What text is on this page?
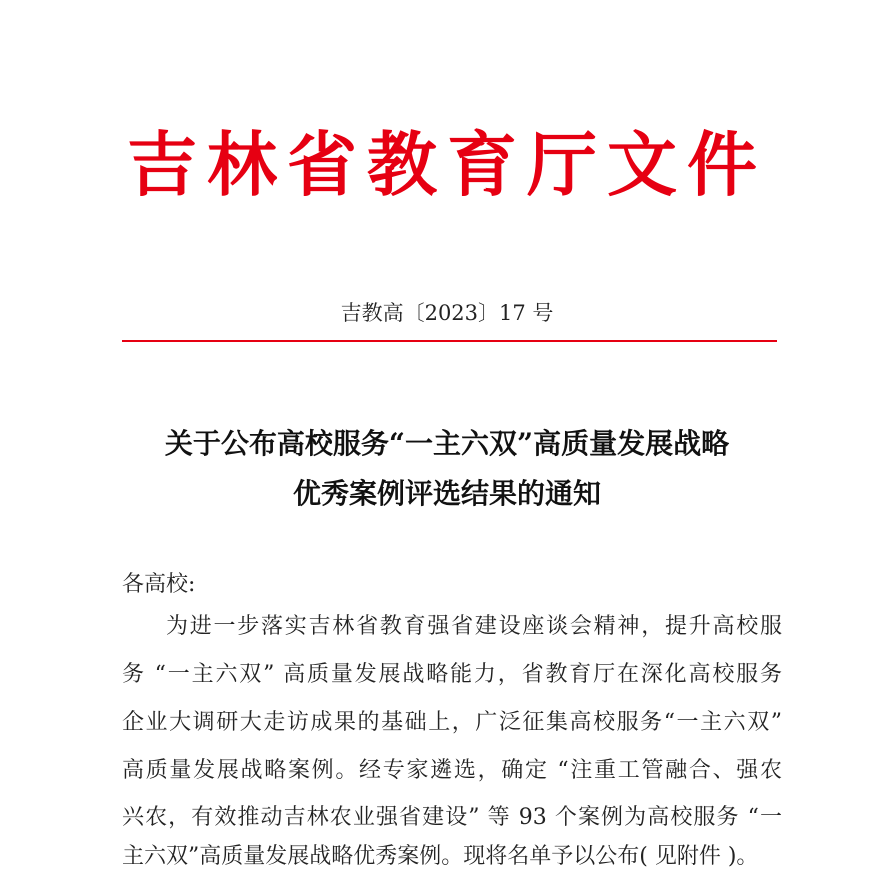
吉林省教育厅文件
吉教高〔2023〕17 号
关于公布高校服务“一主六双”高质量发展战略
优秀案例评选结果的通知
各高校:
为进一步落实吉林省教育强省建设座谈会精神，提升高校服
务 “一主六双” 高质量发展战略能力，省教育厅在深化高校服务
企业大调研大走访成果的基础上，广泛征集高校服务“一主六双”
高质量发展战略案例。经专家遴选，确定 “注重工管融合、强农
兴农，有效推动吉林农业强省建设” 等 93 个案例为高校服务 “一
主六双”高质量发展战略优秀案例。现将名单予以公布( 见附件 )。
